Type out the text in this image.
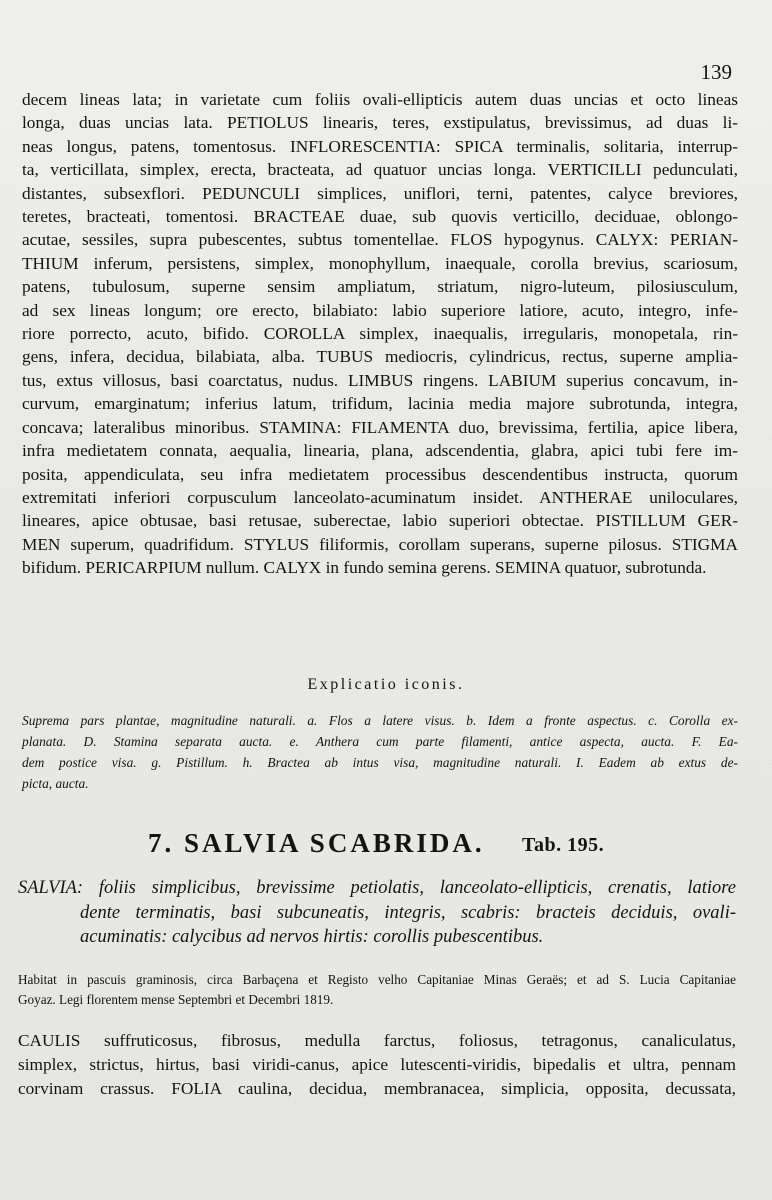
139
decem lineas lata; in varietate cum foliis ovali-ellipticis autem duas uncias et octo lineas
longa, duas uncias lata. PETIOLUS linearis, teres, exstipulatus, brevissimus, ad duas li-
neas longus, patens, tomentosus. INFLORESCENTIA: SPICA terminalis, solitaria, interrup-
ta, verticillata, simplex, erecta, bracteata, ad quatuor uncias longa. VERTICILLI pedunculati,
distantes, subsexflori. PEDUNCULI simplices, uniflori, terni, patentes, calyce breviores,
teretes, bracteati, tomentosi. BRACTEAE duae, sub quovis verticillo, deciduae, oblongo-
acutae, sessiles, supra pubescentes, subtus tomentellae. FLOS hypogynus. CALYX: PERIAN-
THIUM inferum, persistens, simplex, monophyllum, inaequale, corolla brevius, scariosum,
patens, tubulosum, superne sensim ampliatum, striatum, nigro-luteum, pilosiusculum,
ad sex lineas longum; ore erecto, bilabiato: labio superiore latiore, acuto, integro, infe-
riore porrecto, acuto, bifido. COROLLA simplex, inaequalis, irregularis, monopetala, rin-
gens, infera, decidua, bilabiata, alba. TUBUS mediocris, cylindricus, rectus, superne amplia-
tus, extus villosus, basi coarctatus, nudus. LIMBUS ringens. LABIUM superius concavum, in-
curvum, emarginatum; inferius latum, trifidum, lacinia media majore subrotunda, integra,
concava; lateralibus minoribus. STAMINA: FILAMENTA duo, brevissima, fertilia, apice libera,
infra medietatem connata, aequalia, linearia, plana, adscendentia, glabra, apici tubi fere im-
posita, appendiculata, seu infra medietatem processibus descendentibus instructa, quorum
extremitati inferiori corpusculum lanceolato-acuminatum insidet. ANTHERAE uniloculares,
lineares, apice obtusae, basi retusae, suberectae, labio superiori obtectae. PISTILLUM GER-
MEN superum, quadrifidum. STYLUS filiformis, corollam superans, superne pilosus. STIGMA
bifidum. PERICARPIUM nullum. CALYX in fundo semina gerens. SEMINA quatuor, subrotunda.
Explicatio iconis.
Suprema pars plantae, magnitudine naturali. a. Flos a latere visus. b. Idem a fronte aspectus. c. Corolla ex-
planata. D. Stamina separata aucta. e. Anthera cum parte filamenti, antice aspecta, aucta. F. Ea-
dem postice visa. g. Pistillum. h. Bractea ab intus visa, magnitudine naturali. I. Eadem ab extus de-
picta, aucta.
7. SALVIA SCABRIDA. Tab. 195.
SALVIA: foliis simplicibus, brevissime petiolatis, lanceolato-ellipticis, crenatis, latiore
dente terminatis, basi subcuneatis, integris, scabris: bracteis deciduis, ovali-
acuminatis: calycibus ad nervos hirtis: corollis pubescentibus.
Habitat in pascuis graminosis, circa Barbaçena et Registo velho Capitaniae Minas Geraës; et ad S. Lucia Capitaniae
Goyaz. Legi florentem mense Septembri et Decembri 1819.
CAULIS suffruticosus, fibrosus, medulla farctus, foliosus, tetragonus, canaliculatus,
simplex, strictus, hirtus, basi viridi-canus, apice lutescenti-viridis, bipedalis et ultra, pennam
corvinam crassus. FOLIA caulina, decidua, membranacea, simplicia, opposita, decussata,
